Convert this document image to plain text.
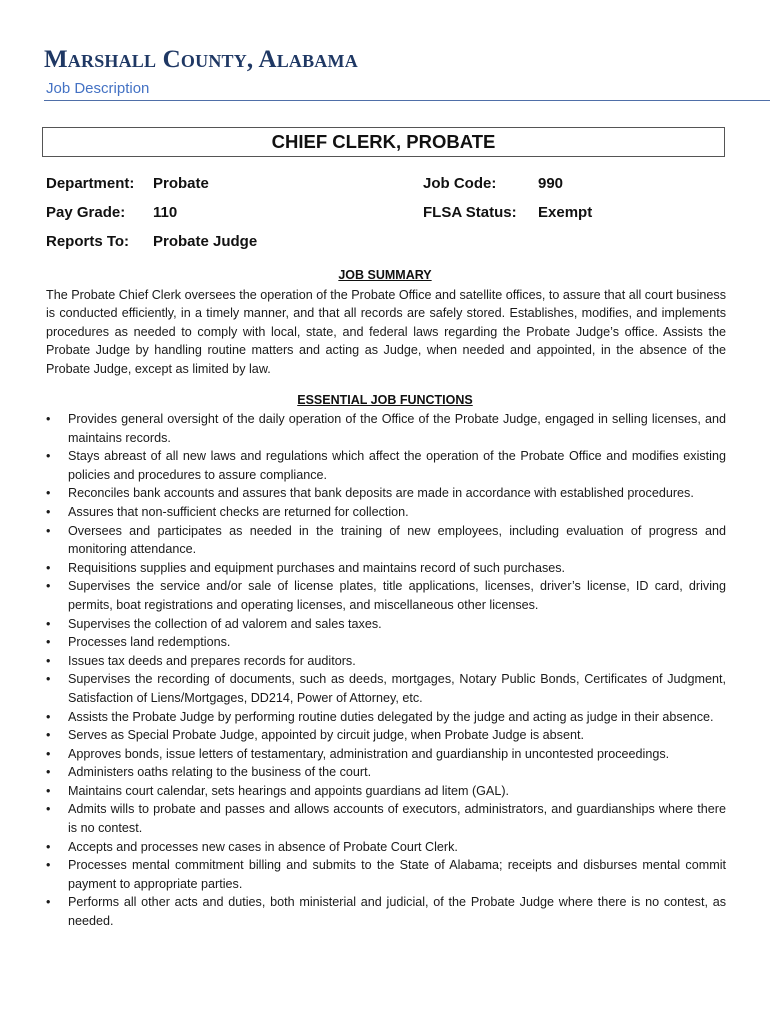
Marshall County, Alabama
Job Description
CHIEF CLERK, PROBATE
Department: Probate
Pay Grade: 110
Reports To: Probate Judge
Job Code:	990
FLSA Status: Exempt
JOB SUMMARY

The Probate Chief Clerk oversees the operation of the Probate Office and satellite offices, to assure that all court business is conducted efficiently, in a timely manner, and that all records are safely stored. Establishes, modifies, and implements procedures as needed to comply with local, state, and federal laws regarding the Probate Judge’s office. Assists the Probate Judge by handling routine matters and acting as Judge, when needed and appointed, in the absence of the Probate Judge, except as limited by law.

ESSENTIAL JOB FUNCTIONS
• Provides general oversight of the daily operation of the Office of the Probate Judge, engaged in selling licenses, and maintains records.
• Stays abreast of all new laws and regulations which affect the operation of the Probate Office and modifies existing policies and procedures to assure compliance.
• Reconciles bank accounts and assures that bank deposits are made in accordance with established procedures.
• Assures that non-sufficient checks are returned for collection.
• Oversees and participates as needed in the training of new employees, including evaluation of progress and monitoring attendance.
• Requisitions supplies and equipment purchases and maintains record of such purchases.
• Supervises the service and/or sale of license plates, title applications, licenses, driver’s license, ID card, driving permits, boat registrations and operating licenses, and miscellaneous other licenses.
• Supervises the collection of ad valorem and sales taxes.
• Processes land redemptions.
• Issues tax deeds and prepares records for auditors.
• Supervises the recording of documents, such as deeds, mortgages, Notary Public Bonds, Certificates of Judgment, Satisfaction of Liens/Mortgages, DD214, Power of Attorney, etc.
• Assists the Probate Judge by performing routine duties delegated by the judge and acting as judge in their absence.
• Serves as Special Probate Judge, appointed by circuit judge, when Probate Judge is absent.
• Approves bonds, issue letters of testamentary, administration and guardianship in uncontested proceedings.
• Administers oaths relating to the business of the court.
• Maintains court calendar, sets hearings and appoints guardians ad litem (GAL).
• Admits wills to probate and passes and allows accounts of executors, administrators, and guardianships where there is no contest.
• Accepts and processes new cases in absence of Probate Court Clerk.
• Processes mental commitment billing and submits to the State of Alabama; receipts and disburses mental commit payment to appropriate parties.
• Performs all other acts and duties, both ministerial and judicial, of the Probate Judge where there is no contest, as needed.
